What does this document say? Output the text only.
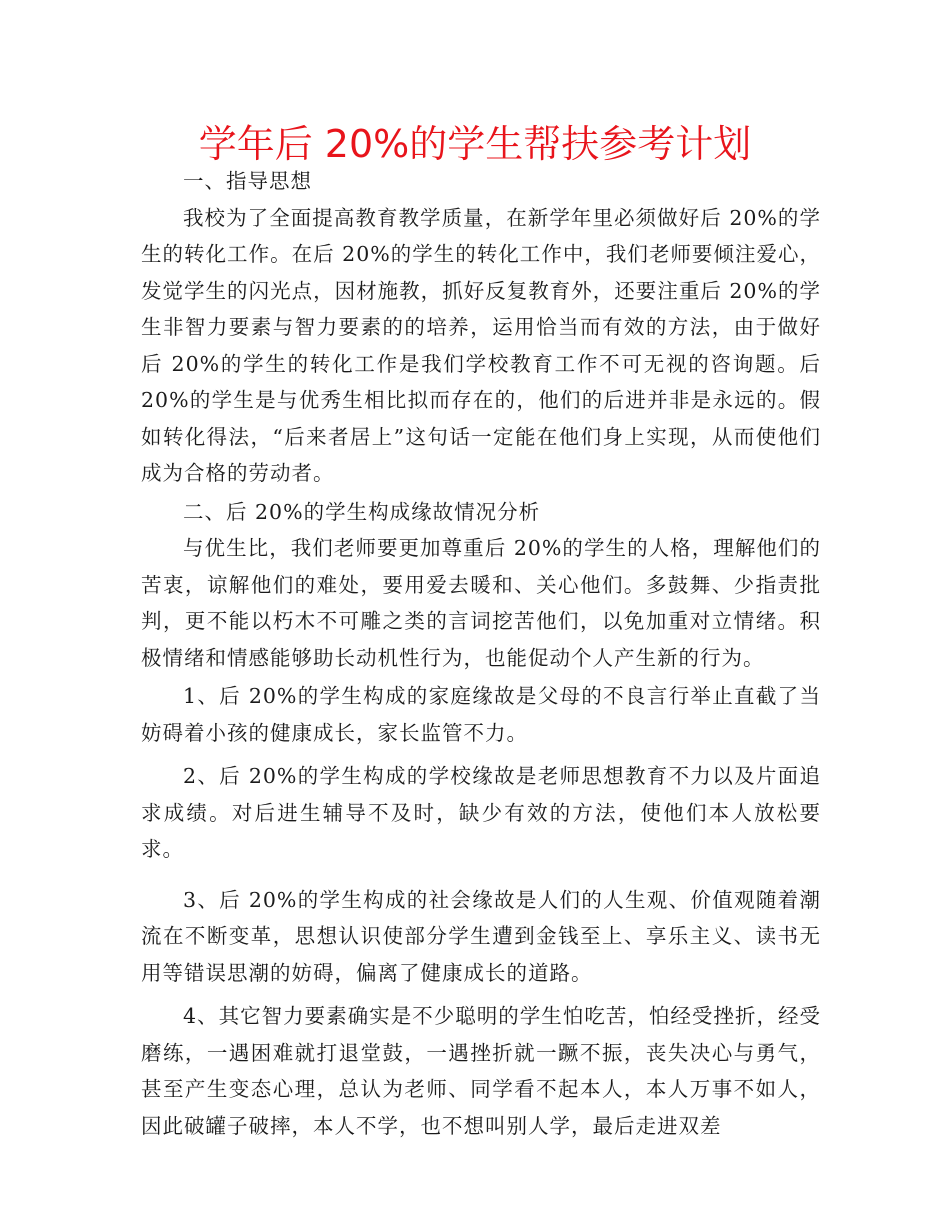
学年后 20%的学生帮扶参考计划

一、指导思想

我校为了全面提高教育教学质量，在新学年里必须做好后 20%的学生的转化工作。在后 20%的学生的转化工作中，我们老师要倾注爱心，发觉学生的闪光点，因材施教，抓好反复教育外，还要注重后 20%的学生非智力要素与智力要素的的培养，运用恰当而有效的方法，由于做好后 20%的学生的转化工作是我们学校教育工作不可无视的咨询题。后 20%的学生是与优秀生相比拟而存在的，他们的后进并非是永远的。假如转化得法，“后来者居上”这句话一定能在他们身上实现，从而使他们成为合格的劳动者。

二、后 20%的学生构成缘故情况分析

与优生比，我们老师要更加尊重后 20%的学生的人格，理解他们的苦衷，谅解他们的难处，要用爱去暖和、关心他们。多鼓舞、少指责批判，更不能以朽木不可雕之类的言词挖苦他们，以免加重对立情绪。积极情绪和情感能够助长动机性行为，也能促动个人产生新的行为。

1、后 20%的学生构成的家庭缘故是父母的不良言行举止直截了当妨碍着小孩的健康成长，家长监管不力。

2、后 20%的学生构成的学校缘故是老师思想教育不力以及片面追求成绩。对后进生辅导不及时，缺少有效的方法，使他们本人放松要求。

3、后 20%的学生构成的社会缘故是人们的人生观、价值观随着潮流在不断变革，思想认识使部分学生遭到金钱至上、享乐主义、读书无用等错误思潮的妨碍，偏离了健康成长的道路。

4、其它智力要素确实是不少聪明的学生怕吃苦，怕经受挫折，经受磨练，一遇困难就打退堂鼓，一遇挫折就一蹶不振，丧失决心与勇气，甚至产生变态心理，总认为老师、同学看不起本人，本人万事不如人，因此破罐子破摔，本人不学，也不想叫别人学，最后走进双差
